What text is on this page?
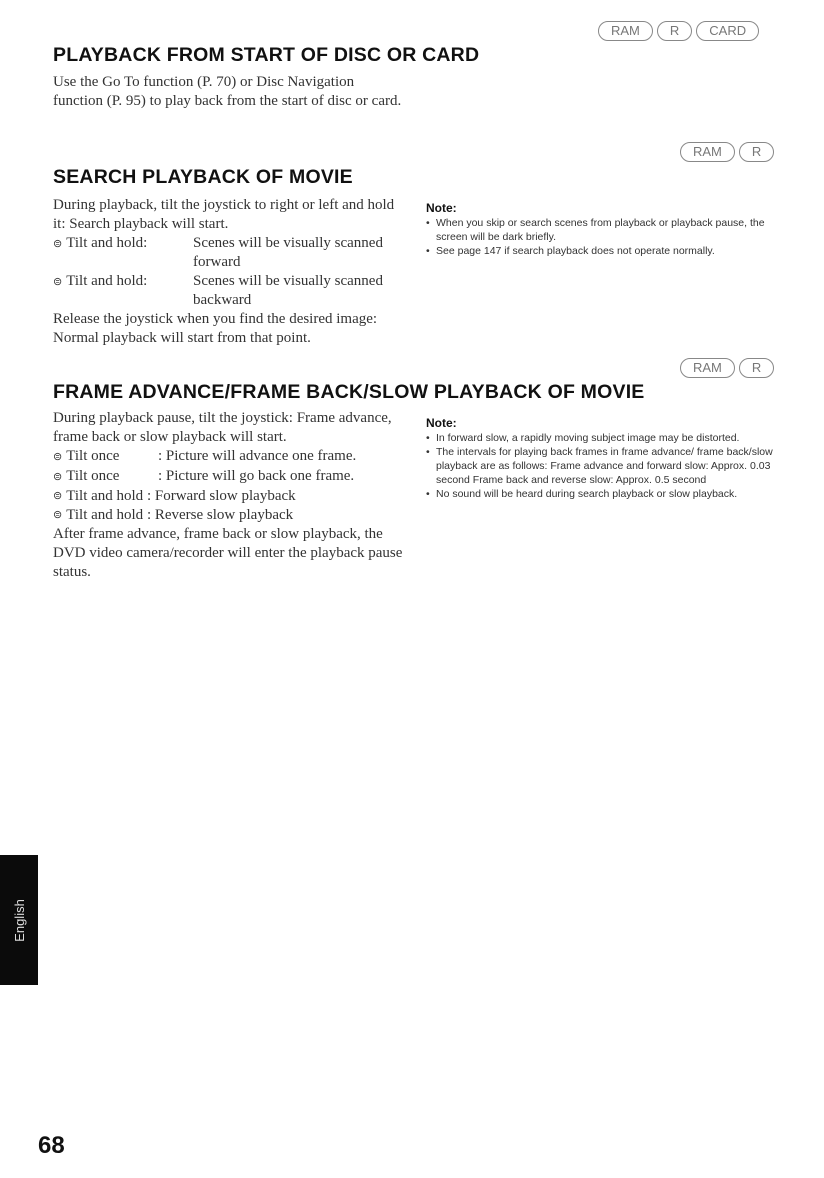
RAM	R	CARD
PLAYBACK FROM START OF DISC OR CARD

Use the Go To function (P. 70) or Disc Navigation function (P. 95) to play back from the start of disc or card.

RAM	R
SEARCH PLAYBACK OF MOVIE

During playback, tilt the joystick to right or left and hold it: Search playback will start.

⊜ Tilt and hold:	Scenes will be visually scanned forward
⊜ Tilt and hold:	Scenes will be visually scanned backward

Release the joystick when you find the desired image: Normal playback will start from that point.

Note:
• When you skip or search scenes from playback or playback pause, the screen will be dark briefly.
• See page 147 if search playback does not operate normally.
RAM	R
FRAME ADVANCE/FRAME BACK/SLOW PLAYBACK OF MOVIE

During playback pause, tilt the joystick: Frame advance, frame back or slow playback will start.

⊜ Tilt once	: Picture will advance one frame.
⊜ Tilt once	: Picture will go back one frame.
⊜ Tilt and hold
: Forward slow playback
⊜ Tilt and hold
: Reverse slow playback

After frame advance, frame back or slow playback, the DVD video camera/recorder will enter the playback pause status.

Note:
• In forward slow, a rapidly moving subject image may be distorted.
• The intervals for playing back frames in frame advance/ frame back/slow playback are as follows: Frame advance and forward slow: Approx. 0.03 second Frame back and reverse slow: Approx. 0.5 second
• No sound will be heard during search playback or slow playback.
English
68
